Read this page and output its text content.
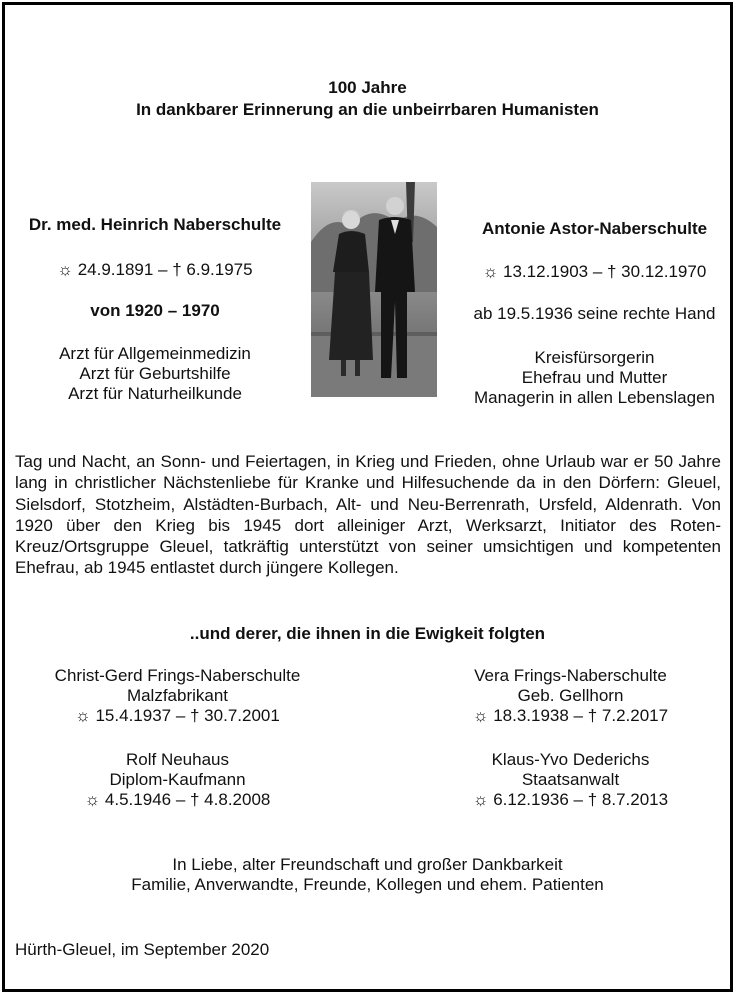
100 Jahre
In dankbarer Erinnerung an die unbeirrbaren Humanisten
Dr. med. Heinrich Naberschulte
☼ 24.9.1891 – † 6.9.1975
von 1920 – 1970
Arzt für Allgemeinmedizin
Arzt für Geburtshilfe
Arzt für Naturheilkunde
Antonie Astor-Naberschulte
☼ 13.12.1903 – † 30.12.1970
ab 19.5.1936 seine rechte Hand
Kreisfürsorgerin
Ehefrau und Mutter
Managerin in allen Lebenslagen
Tag und Nacht, an Sonn- und Feiertagen, in Krieg und Frieden, ohne Urlaub war er 50 Jahre lang in christlicher Nächstenliebe für Kranke und Hilfesuchende da in den Dörfern: Gleuel, Sielsdorf, Stotzheim, Alstädten-Burbach, Alt- und Neu-Berrenrath, Ursfeld, Aldenrath. Von 1920 über den Krieg bis 1945 dort alleiniger Arzt, Werksarzt, Initiator des Roten-Kreuz/Ortsgruppe Gleuel, tatkräftig unterstützt von seiner umsichtigen und kompetenten Ehefrau, ab 1945 entlastet durch jüngere Kollegen.
..und derer, die ihnen in die Ewigkeit folgten
Christ-Gerd Frings-Naberschulte
Malzfabrikant
☼ 15.4.1937 – † 30.7.2001
Vera Frings-Naberschulte
Geb. Gellhorn
☼ 18.3.1938 – † 7.2.2017
Rolf Neuhaus
Diplom-Kaufmann
☼ 4.5.1946 – † 4.8.2008
Klaus-Yvo Dederichs
Staatsanwalt
☼ 6.12.1936 – † 8.7.2013
In Liebe, alter Freundschaft und großer Dankbarkeit
Familie, Anverwandte, Freunde, Kollegen und ehem. Patienten
Hürth-Gleuel, im September 2020
